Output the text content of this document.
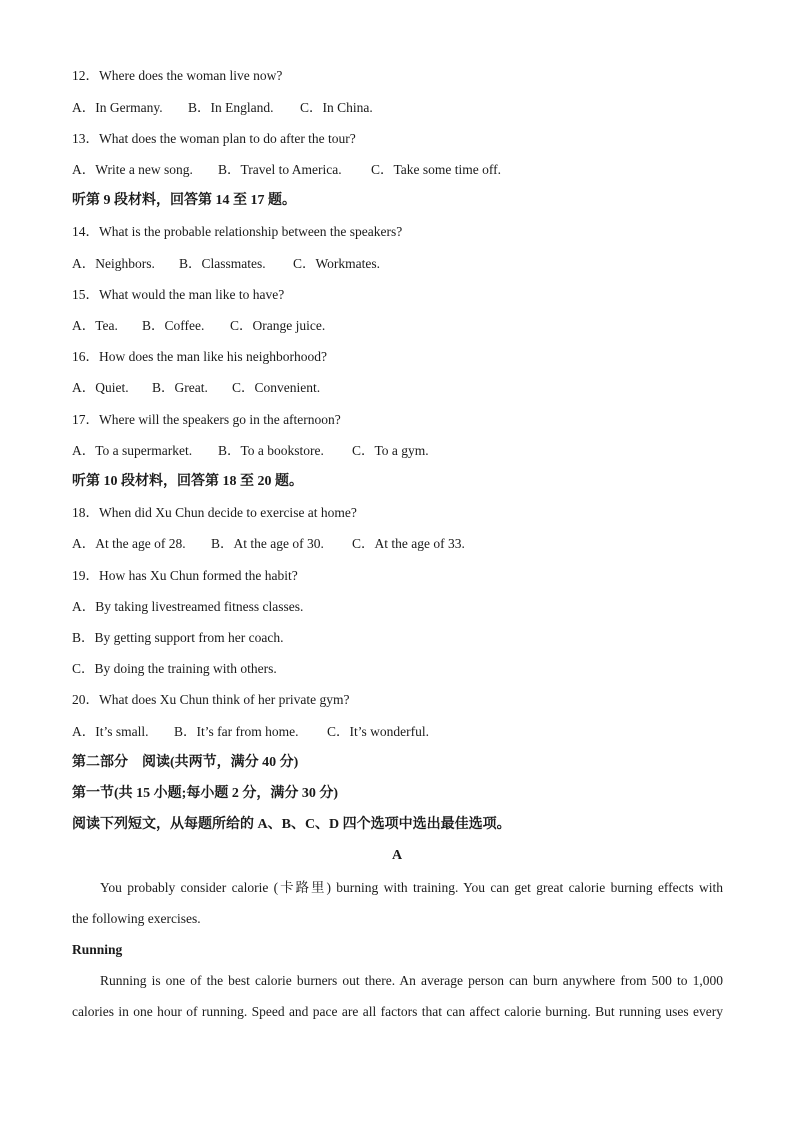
12．Where does the woman live now?
A．In Germany. B．In England. C．In China.
13．What does the woman plan to do after the tour?
A．Write a new song. B．Travel to America. C．Take some time off.
听第 9 段材料，回答第 14 至 17 题。
14．What is the probable relationship between the speakers?
A．Neighbors. B．Classmates. C．Workmates.
15．What would the man like to have?
A．Tea. B．Coffee. C．Orange juice.
16．How does the man like his neighborhood?
A．Quiet. B．Great. C．Convenient.
17．Where will the speakers go in the afternoon?
A．To a supermarket. B．To a bookstore. C．To a gym.
听第 10 段材料，回答第 18 至 20 题。
18．When did Xu Chun decide to exercise at home?
A．At the age of 28. B．At the age of 30. C．At the age of 33.
19．How has Xu Chun formed the habit?
A．By taking livestreamed fitness classes.
B．By getting support from her coach.
C．By doing the training with others.
20．What does Xu Chun think of her private gym?
A．It’s small. B．It’s far from home. C．It’s wonderful.
第二部分　阅读(共两节，满分 40 分)
第一节(共 15 小题;每小题 2 分，满分 30 分)
阅读下列短文，从每题所给的 A、B、C、D 四个选项中选出最佳选项。
A
You probably consider calorie (卡路里) burning with training. You can get great calorie burning effects with
the following exercises.
Running
Running is one of the best calorie burners out there. An average person can burn anywhere from 500 to 1,000
calories in one hour of running. Speed and pace are all factors that can affect calorie burning. But running uses every
